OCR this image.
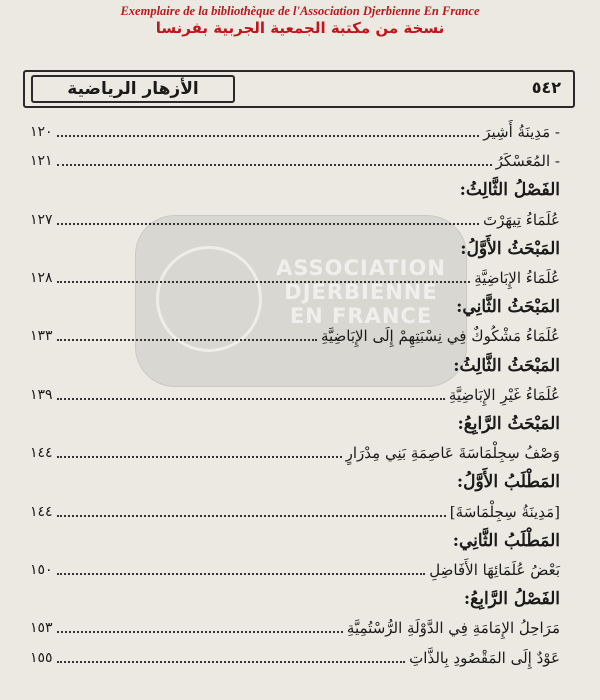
Exemplaire de la bibliothèque de l'Association Djerbienne En France
نسخة من مكتبة الجمعية الجربية بفرنسا
الأزهار الرياضية	٥٤٢
ASSOCIATION
DJERBIENNE
EN FRANCE
- مَدِينَةُ أَشِيرَ
١٢٠
- المُعَسْكَرُ
١٢١
الفَصْلُ الثَّالِثُ:
عُلَمَاءُ تِيهَرْتَ
١٢٧
المَبْحَثُ الأَوَّلُ:
عُلَمَاءُ الإِبَاضِيَّةِ
١٢٨
المَبْحَثُ الثَّانِي:
عُلَمَاءُ مَشْكُوكٌ فِي نِسْبَتِهِمْ إِلَى الإِبَاضِيَّةِ
١٣٣
المَبْحَثُ الثَّالِثُ:
عُلَمَاءُ غَيْرِ الإِبَاضِيَّةِ
١٣٩
المَبْحَثُ الرَّابِعُ:
وَصْفُ سِجِلْمَاسَةَ عَاصِمَةِ بَنِي مِدْرَارٍ
١٤٤
المَطْلَبُ الأَوَّلُ:
[مَدِينَةُ سِجِلْمَاسَةَ]
١٤٤
المَطْلَبُ الثَّانِي:
بَعْضُ عُلَمَائِهَا الأَفَاضِلِ
١٥٠
الفَصْلُ الرَّابِعُ:
مَرَاحِلُ الإِمَامَةِ فِي الدَّوْلَةِ الرُّسْتُمِيَّةِ
١٥٣
عَوْدٌ إِلَى المَقْصُودِ بِالذَّاتِ
١٥٥
